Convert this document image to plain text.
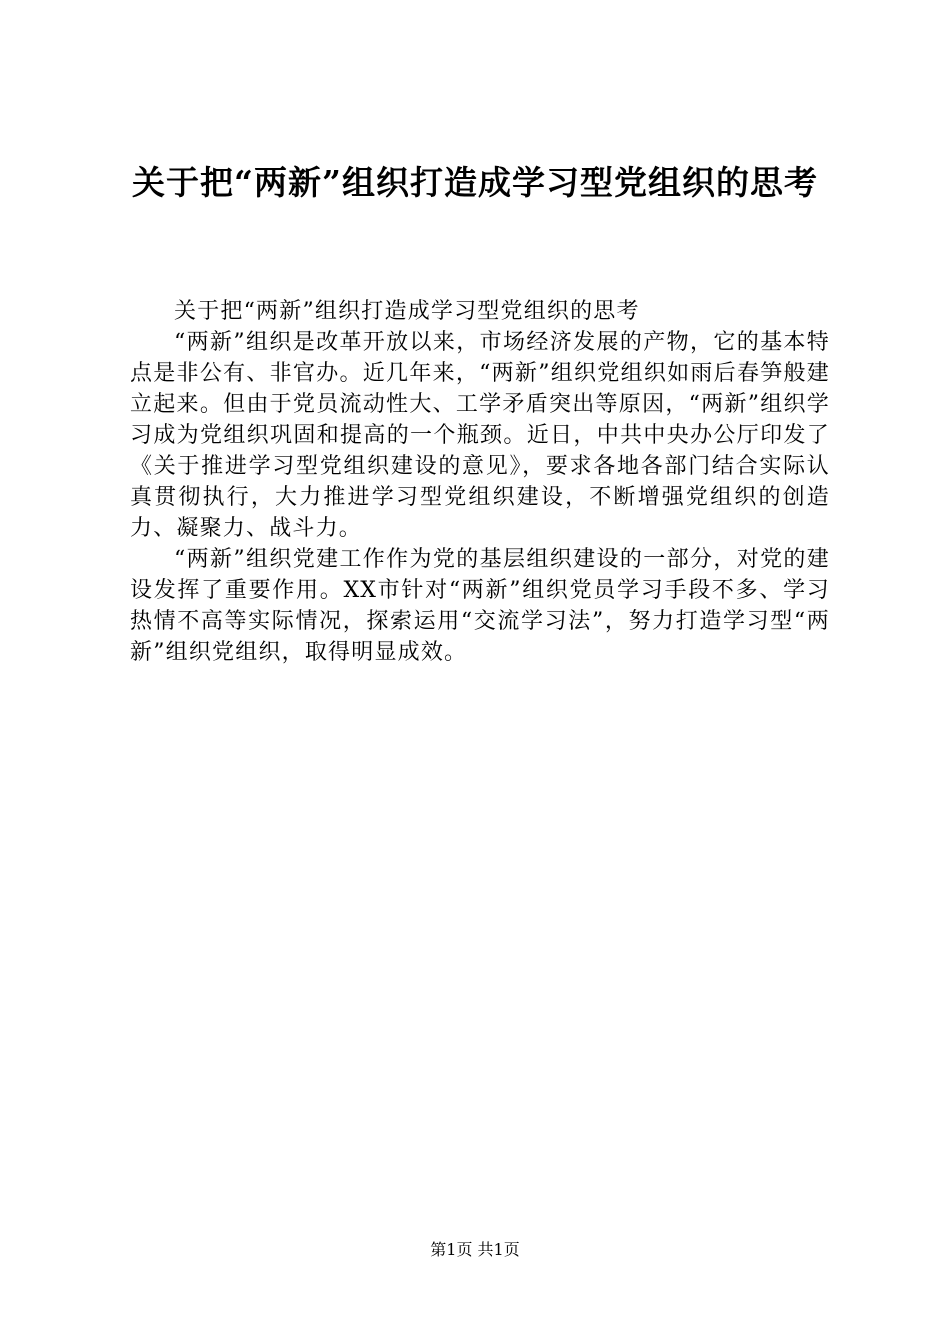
关于把“两新”组织打造成学习型党组织的思考

关于把“两新”组织打造成学习型党组织的思考

“两新”组织是改革开放以来，市场经济发展的产物，它的基本特点是非公有、非官办。近几年来，“两新”组织党组织如雨后春笋般建立起来。但由于党员流动性大、工学矛盾突出等原因，“两新”组织学习成为党组织巩固和提高的一个瓶颈。近日，中共中央办公厅印发了《关于推进学习型党组织建设的意见》，要求各地各部门结合实际认真贯彻执行，大力推进学习型党组织建设，不断增强党组织的创造力、凝聚力、战斗力。

“两新”组织党建工作作为党的基层组织建设的一部分，对党的建设发挥了重要作用。XX市针对“两新”组织党员学习手段不多、学习热情不高等实际情况，探索运用“交流学习法”，努力打造学习型“两新”组织党组织，取得明显成效。

第1页 共1页
